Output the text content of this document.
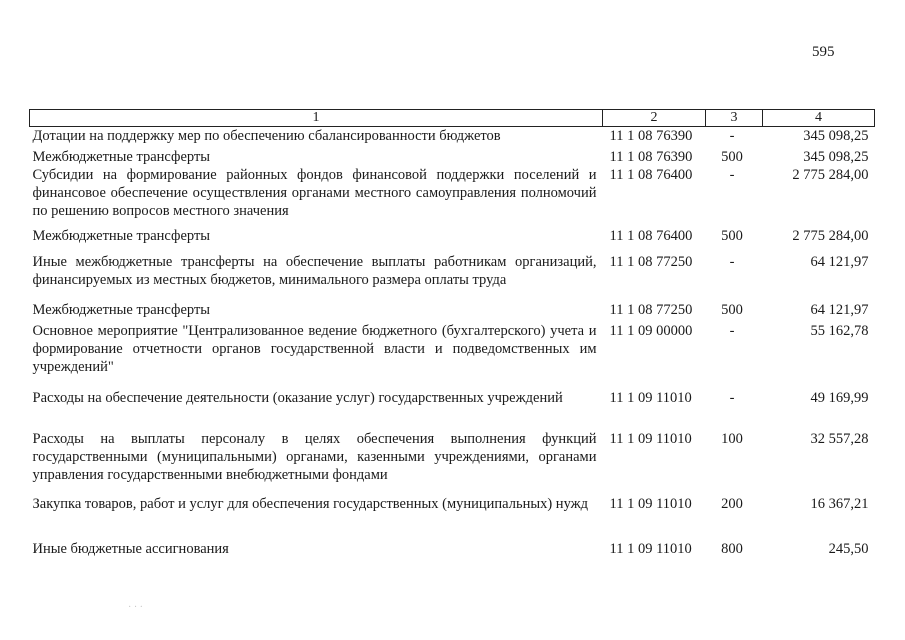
595
1	2	3	4
Дотации на поддержку мер по обеспечению сбалансированности бюджетов	11 1 08 76390	-	345 098,25
Межбюджетные трансферты	11 1 08 76390	500	345 098,25
Субсидии на формирование районных фондов финансовой поддержки поселений и финансовое обеспечение осуществления органами местного самоуправления полномочий по решению вопросов местного значения	11 1 08 76400	-	2 775 284,00
Межбюджетные трансферты	11 1 08 76400	500	2 775 284,00
Иные межбюджетные трансферты на обеспечение выплаты работникам организаций, финансируемых из местных бюджетов, минимального размера оплаты труда	11 1 08 77250	-	64 121,97
Межбюджетные трансферты	11 1 08 77250	500	64 121,97
Основное мероприятие "Централизованное ведение бюджетного (бухгалтерского) учета и формирование отчетности органов государственной власти и подведомственных им учреждений"	11 1 09 00000	-	55 162,78
Расходы на обеспечение деятельности (оказание услуг) государственных учреждений	11 1 09 11010	-	49 169,99
Расходы на выплаты персоналу в целях обеспечения выполнения функций государственными (муниципальными) органами, казенными учреждениями, органами управления государственными внебюджетными фондами	11 1 09 11010	100	32 557,28
Закупка товаров, работ и услуг для обеспечения государственных (муниципальных) нужд	11 1 09 11010	200	16 367,21
Иные бюджетные ассигнования	11 1 09 11010	800	245,50
· · ·
